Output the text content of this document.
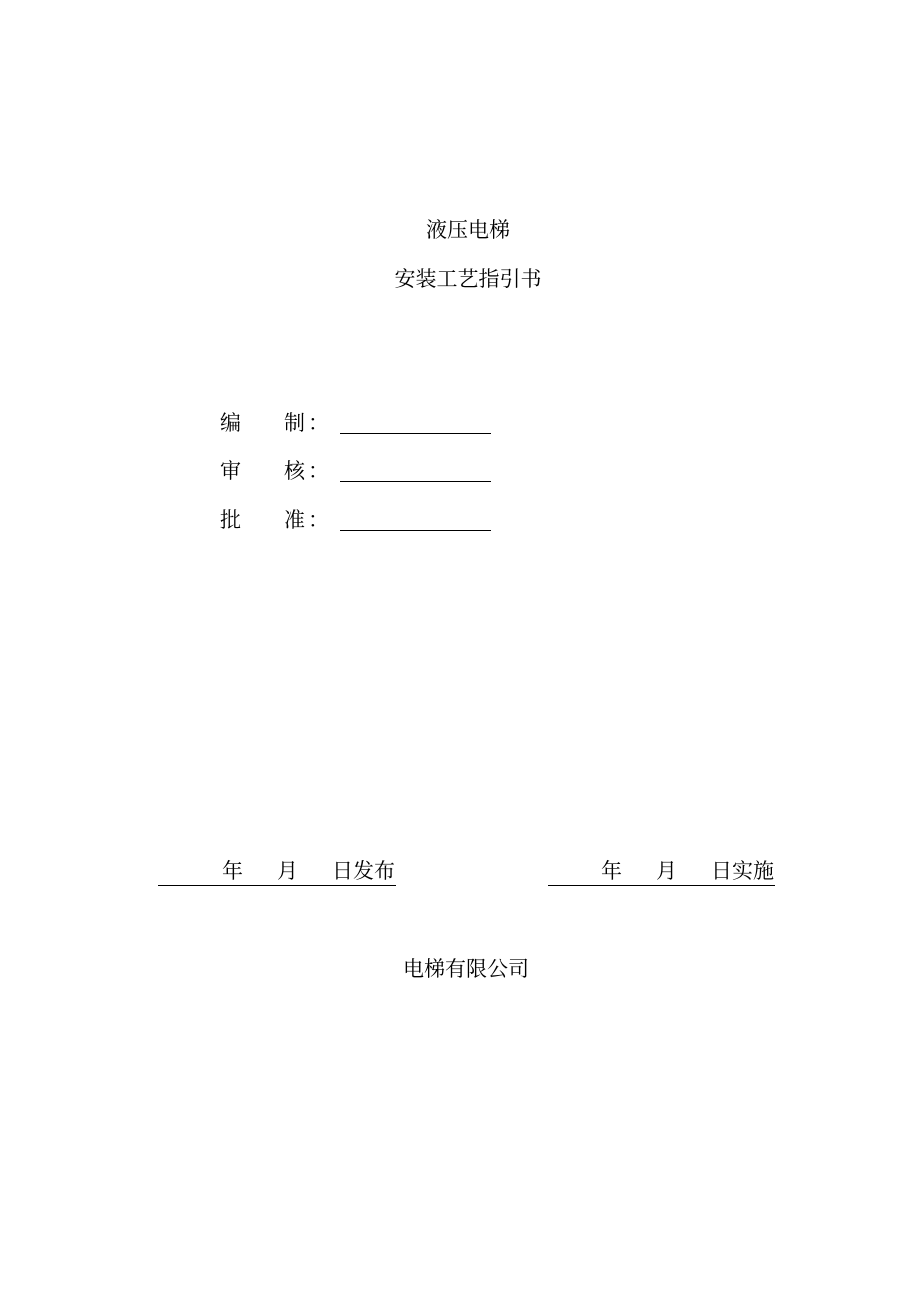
液压电梯
安装工艺指引书
编 制 ：
审 核 ：
批 准 ：
年 月 日发布	年 月 日实施
电梯有限公司
